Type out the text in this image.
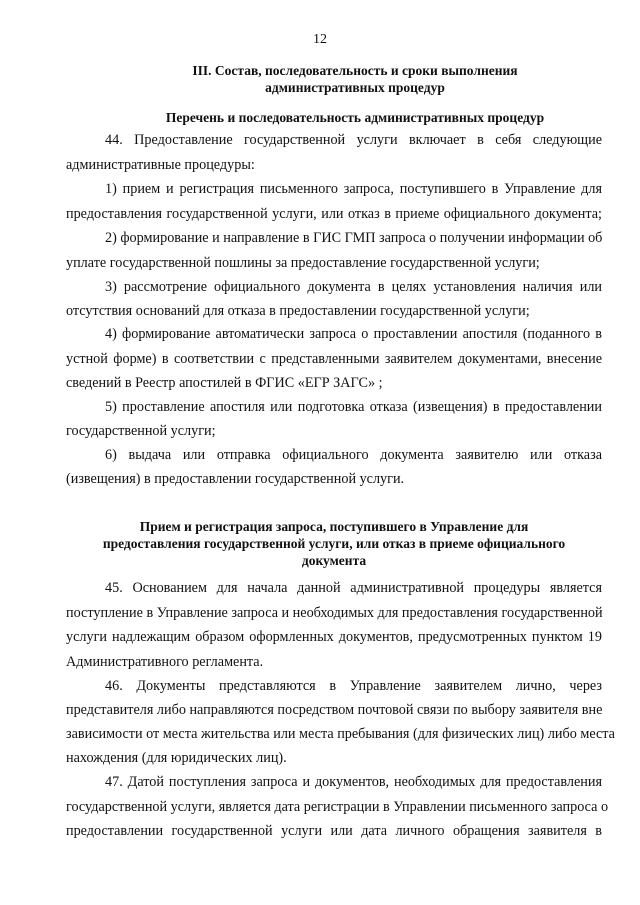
12
III. Состав, последовательность и сроки выполнения
административных процедур
Перечень и последовательность административных процедур
44. Предоставление государственной услуги включает в себя следующие
административные процедуры:
1) прием и регистрация письменного запроса, поступившего в Управление для
предоставления государственной услуги, или отказ в приеме официального документа;
2) формирование и направление в ГИС ГМП запроса о получении информации об
уплате государственной пошлины за предоставление государственной услуги;
3) рассмотрение официального документа в целях установления наличия или
отсутствия оснований для отказа в предоставлении государственной услуги;
4) формирование автоматически запроса о проставлении апостиля (поданного в
устной форме) в соответствии с представленными заявителем документами, внесение
сведений в Реестр апостилей в ФГИС «ЕГР ЗАГС» ;
5) проставление апостиля или подготовка отказа (извещения) в предоставлении
государственной услуги;
6) выдача или отправка официального документа заявителю или отказа
(извещения) в предоставлении государственной услуги.
Прием и регистрация запроса, поступившего в Управление для
предоставления государственной услуги, или отказ в приеме официального
документа
45. Основанием для начала данной административной процедуры является
поступление в Управление запроса и необходимых для предоставления государственной
услуги надлежащим образом оформленных документов, предусмотренных пунктом 19
Административного регламента.
46. Документы представляются в Управление заявителем лично, через
представителя либо направляются посредством почтовой связи по выбору заявителя вне
зависимости от места жительства или места пребывания (для физических лиц) либо места
нахождения (для юридических лиц).
47. Датой поступления запроса и документов, необходимых для предоставления
государственной услуги, является дата регистрации в Управлении письменного запроса о
предоставлении государственной услуги или дата личного обращения заявителя в
